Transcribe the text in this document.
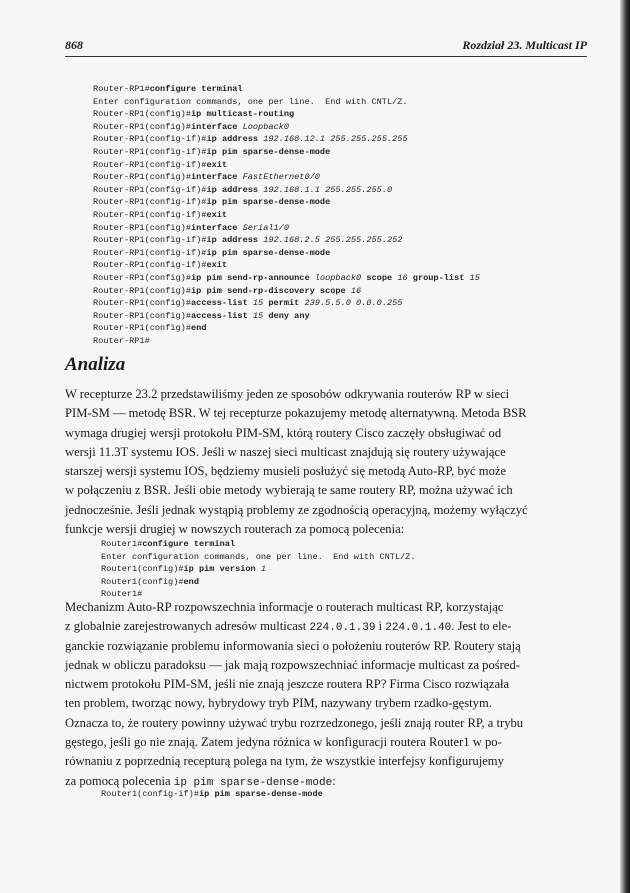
868	Rozdział 23. Multicast IP
Router-RP1#configure terminal
Enter configuration commands, one per line.  End with CNTL/Z.
Router-RP1(config)#ip multicast-routing
Router-RP1(config)#interface Loopback0
Router-RP1(config-if)#ip address 192.168.12.1 255.255.255.255
Router-RP1(config-if)#ip pim sparse-dense-mode
Router-RP1(config-if)#exit
Router-RP1(config)#interface FastEthernet0/0
Router-RP1(config-if)#ip address 192.168.1.1 255.255.255.0
Router-RP1(config-if)#ip pim sparse-dense-mode
Router-RP1(config-if)#exit
Router-RP1(config)#interface Serial1/0
Router-RP1(config-if)#ip address 192.168.2.5 255.255.255.252
Router-RP1(config-if)#ip pim sparse-dense-mode
Router-RP1(config-if)#exit
Router-RP1(config)#ip pim send-rp-announce loopback0 scope 16 group-list 15
Router-RP1(config)#ip pim send-rp-discovery scope 16
Router-RP1(config)#access-list 15 permit 239.5.5.0 0.0.0.255
Router-RP1(config)#access-list 15 deny any
Router-RP1(config)#end
Router-RP1#
Analiza
W recepturze 23.2 przedstawiliśmy jeden ze sposobów odkrywania routerów RP w sieci
PIM-SM — metodę BSR. W tej recepturze pokazujemy metodę alternatywną. Metoda BSR
wymaga drugiej wersji protokołu PIM-SM, którą routery Cisco zaczęły obsługiwać od
wersji 11.3T systemu IOS. Jeśli w naszej sieci multicast znajdują się routery używające
starszej wersji systemu IOS, będziemy musieli posłużyć się metodą Auto-RP, być może
w połączeniu z BSR. Jeśli obie metody wybierają te same routery RP, można używać ich
jednocześnie. Jeśli jednak wystąpią problemy ze zgodnością operacyjną, możemy wyłączyć
funkcje wersji drugiej w nowszych routerach za pomocą polecenia:
Router1#configure terminal
Enter configuration commands, one per line.  End with CNTL/Z.
Router1(config)#ip pim version 1
Router1(config)#end
Router1#
Mechanizm Auto-RP rozpowszechnia informacje o routerach multicast RP, korzystając
z globalnie zarejestrowanych adresów multicast 224.0.1.39 i 224.0.1.40. Jest to ele-
ganckie rozwiązanie problemu informowania sieci o położeniu routerów RP. Routery stają
jednak w obliczu paradoksu — jak mają rozpowszechniać informacje multicast za pośred-
nictwem protokołu PIM-SM, jeśli nie znają jeszcze routera RP? Firma Cisco rozwiązała
ten problem, tworząc nowy, hybrydowy tryb PIM, nazywany trybem rzadko-gęstym.
Oznacza to, że routery powinny używać trybu rozrzedzonego, jeśli znają router RP, a trybu
gęstego, jeśli go nie znają. Zatem jedyna różnica w konfiguracji routera Router1 w po-
równaniu z poprzednią recepturą polega na tym, że wszystkie interfejsy konfigurujemy
za pomocą polecenia ip pim sparse-dense-mode:
Router1(config-if)#ip pim sparse-dense-mode
